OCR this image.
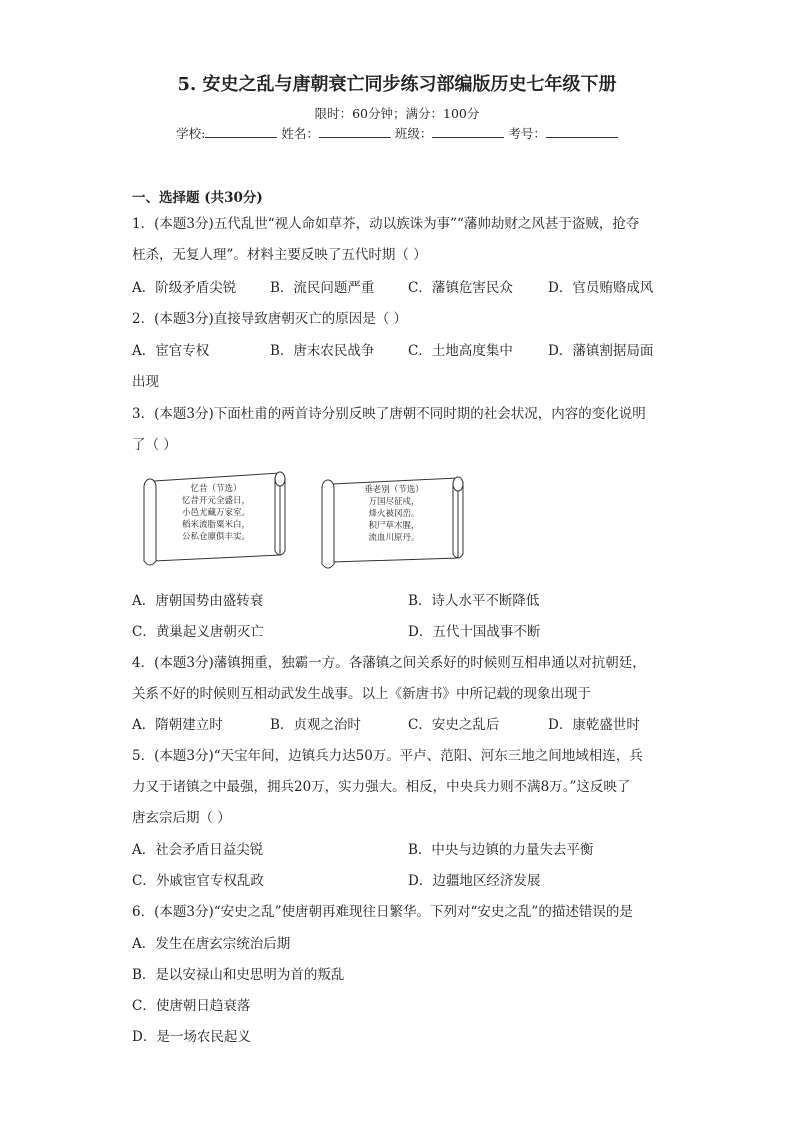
5. 安史之乱与唐朝衰亡同步练习部编版历史七年级下册
限时：60分钟；满分：100分
学校:	姓名：	班级：	考号：
一、选择题 (共30分)
1．(本题3分)五代乱世“视人命如草芥，动以族诛为事”“藩帅劫财之风甚于盗贼，抢夺
枉杀，无复人理”。材料主要反映了五代时期（ ）
A．阶级矛盾尖锐	B．流民问题严重 C．藩镇危害民众	D．官员贿赂成风
2．(本题3分)直接导致唐朝灭亡的原因是（ ）
A．宦官专权	B．唐末农民战争 C．土地高度集中	D．藩镇割据局面
出现
3．(本题3分)下面杜甫的两首诗分别反映了唐朝不同时期的社会状况，内容的变化说明
了（ ）
忆昔（节选）
忆昔开元全盛日，
小邑尤藏万家室。
稻米流脂粟米白，
公私仓廪俱丰实。
垂老别（节选）
万国尽征戍，
烽火被冈峦。
积尸草木腥，
流血川原丹。
A．唐朝国势由盛转衰	B．诗人水平不断降低
C．黄巢起义唐朝灭亡	D．五代十国战事不断
4．(本题3分)藩镇拥重，独霸一方。各藩镇之间关系好的时候则互相串通以对抗朝廷，
关系不好的时候则互相动武发生战事。以上《新唐书》中所记载的现象出现于
A．隋朝建立时	B．贞观之治时	C．安史之乱后	D．康乾盛世时
5．(本题3分)“天宝年间，边镇兵力达50万。平卢、范阳、河东三地之间地域相连，兵
力又于诸镇之中最强，拥兵20万，实力强大。相反，中央兵力则不满8万。”这反映了
唐玄宗后期（ ）
A．社会矛盾日益尖锐	B．中央与边镇的力量失去平衡
C．外戚宦官专权乱政	D．边疆地区经济发展
6．(本题3分)“安史之乱”使唐朝再难现往日繁华。下列对“安史之乱”的描述错误的是
A．发生在唐玄宗统治后期
B．是以安禄山和史思明为首的叛乱
C．使唐朝日趋衰落
D．是一场农民起义
